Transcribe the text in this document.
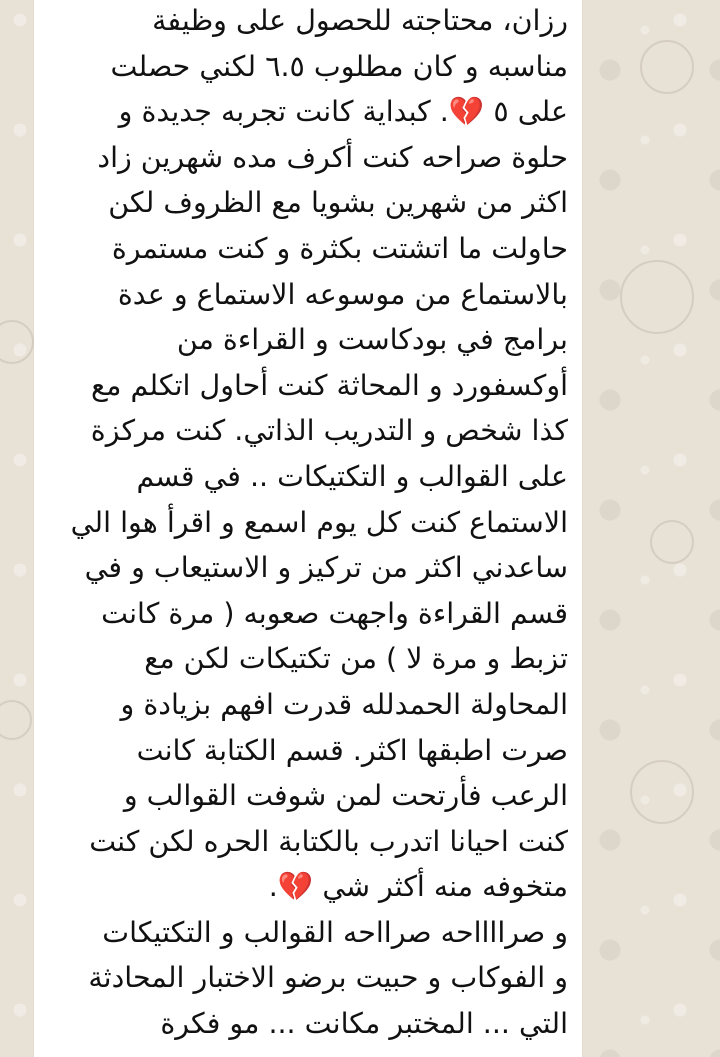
رزان، محتاجته للحصول على وظيفة
مناسبه و كان مطلوب ٦.٥ لكني حصلت
على ٥ 💔. كبداية كانت تجربه جديدة و
حلوة صراحه كنت أكرف مده شهرين زاد
اكثر من شهرين بشويا مع الظروف لكن
حاولت ما اتشتت بكثرة و كنت مستمرة
بالاستماع من موسوعه الاستماع و عدة
برامج في بودكاست و القراءة من
أوكسفورد و المحاثة كنت أحاول اتكلم مع
كذا شخص و التدريب الذاتي. كنت مركزة
على القوالب و التكتيكات .. في قسم
الاستماع كنت كل يوم اسمع و اقرأ هوا الي
ساعدني اكثر من تركيز و الاستيعاب و في
قسم القراءة واجهت صعوبه ( مرة كانت
تزبط و مرة لا ) من تكتيكات لكن مع
المحاولة الحمدلله قدرت افهم بزيادة و
صرت اطبقها اكثر. قسم الكتابة كانت
الرعب فأرتحت لمن شوفت القوالب و
كنت احيانا اتدرب بالكتابة الحره لكن كنت
متخوفه منه أكثر شي 💔.
و صرااااحه صرااحه القوالب و التكتيكات
و الفوكاب و حبيت برضو الاختبار المحادثة
التي ... المختبر مكانت ... مو فكرة
